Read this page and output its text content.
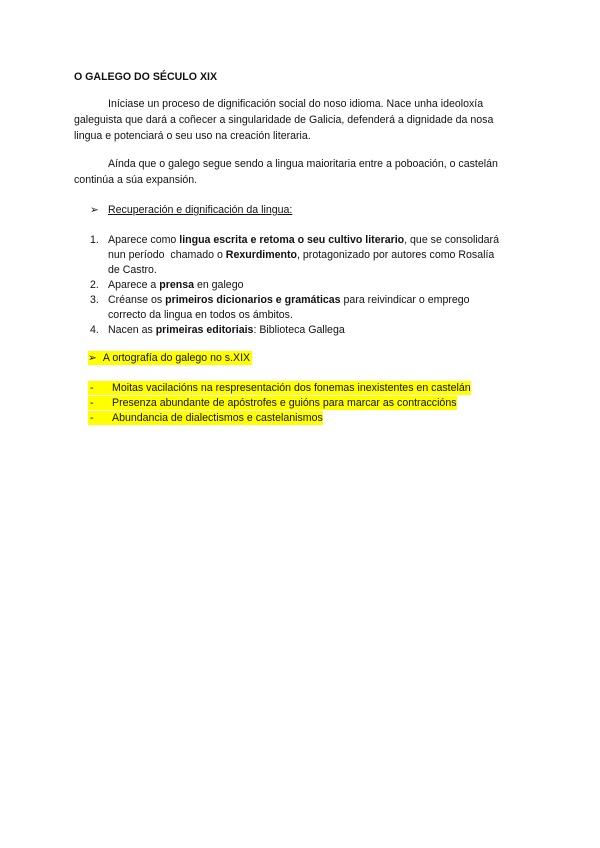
O GALEGO DO SÉCULO XIX
Iníciase un proceso de dignificación social do noso idioma. Nace unha ideoloxía
galeguista que dará a coñecer a singularidade de Galicia, defenderá a dignidade da nosa
lingua e potenciará o seu uso na creación literaria.
Aínda que o galego segue sendo a lingua maioritaria entre a poboación, o castelán
continúa a súa expansión.
➢ Recuperación e dignificación da lingua:
1. Aparece como lingua escrita e retoma o seu cultivo literario, que se consolidará
nun período  chamado o Rexurdimento, protagonizado por autores como Rosalía
de Castro.
2. Aparece a prensa en galego
3. Créanse os primeiros dicionarios e gramáticas para reivindicar o emprego
correcto da lingua en todos os ámbitos.
4. Nacen as primeiras editoriais: Biblioteca Gallega
➢ A ortografía do galego no s.XIX
- Moitas vacilacións na respresentación dos fonemas inexistentes en castelán
- Presenza abundante de apóstrofes e guións para marcar as contraccións
- Abundancia de dialectismos e castelanismos
